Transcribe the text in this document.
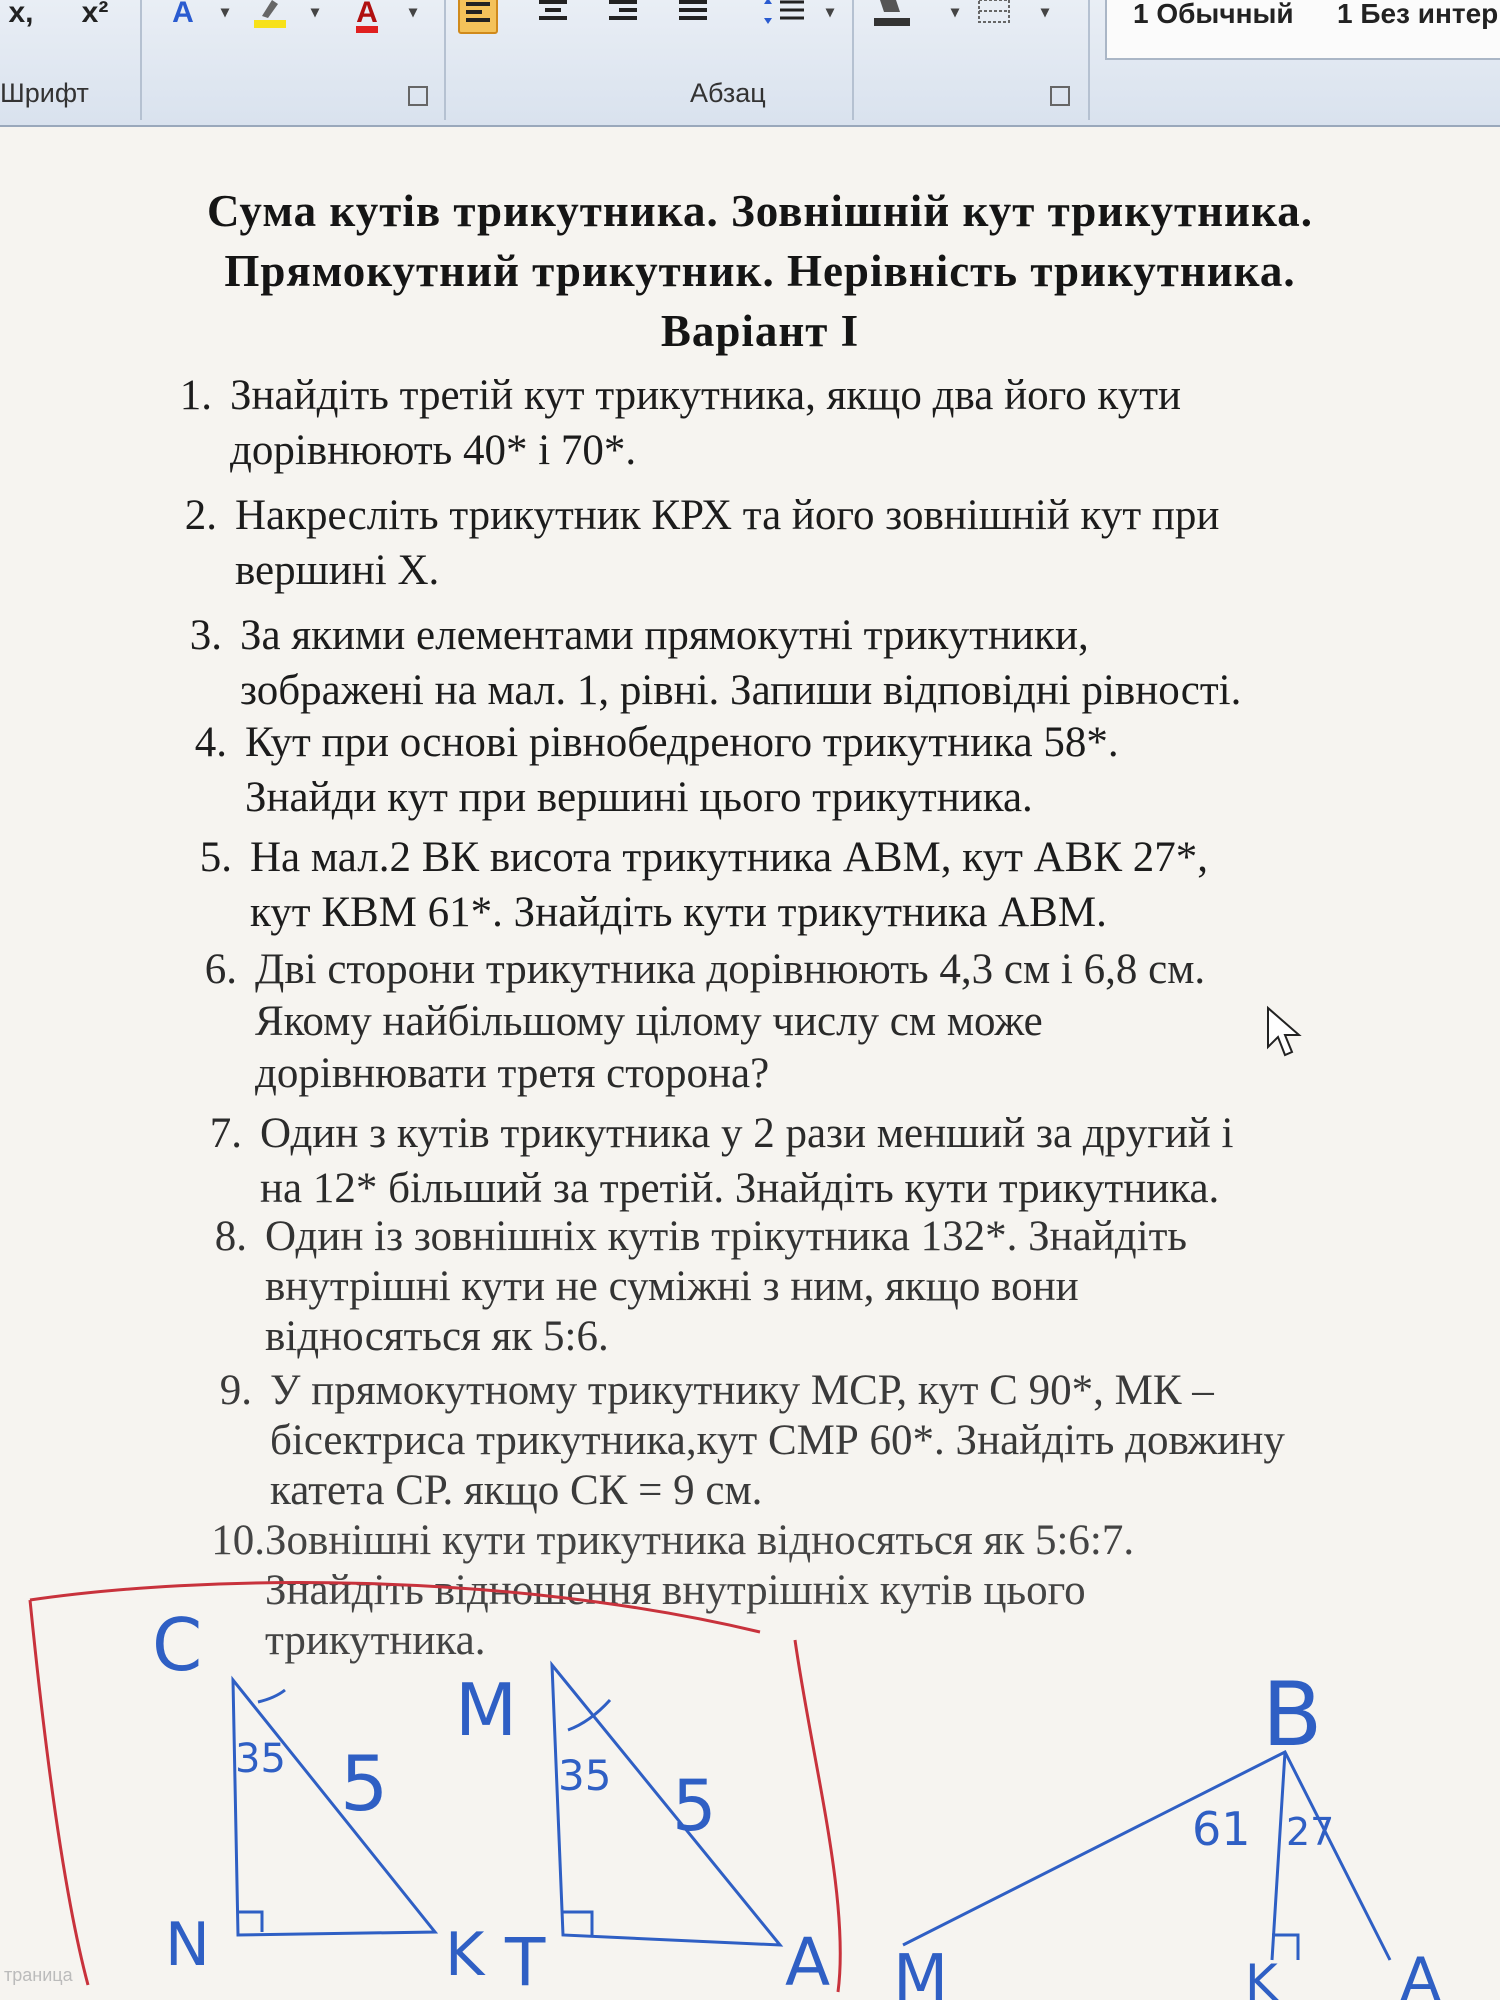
x, x² A	▾	▾	A	▾	▾	▾	▾
Шрифт	Абзац
1 Обычный 1 Без интер
Сума кутів трикутника. Зовнішній кут трикутника.
Прямокутний трикутник. Нерівність трикутника.
Варіант І
1. Знайдіть третій кут трикутника, якщо два його кути
дорівнюють 40* і 70*.
2. Накресліть трикутник КРХ та його зовнішній кут при
вершині Х.
3. За якими елементами прямокутні трикутники,
зображені на мал. 1, рівні. Запиши відповідні рівності.
4. Кут при основі рівнобедреного трикутника 58*.
Знайди кут при вершині цього трикутника.
5. На мал.2 ВК висота трикутника АВМ, кут АВК 27*,
кут КВМ 61*. Знайдіть кути трикутника АВМ.
6. Дві сторони трикутника дорівнюють 4,3 см і 6,8 см.
Якому найбільшому цілому числу см може
дорівнювати третя сторона?
7. Один з кутів трикутника у 2 рази менший за другий і
на 12* більший за третій. Знайдіть кути трикутника.
8. Один із зовнішніх кутів трікутника 132*. Знайдіть
внутрішні кути не суміжні з ним, якщо вони
відносяться як 5:6.
9. У прямокутному трикутнику МСР, кут С 90*, МК –
бісектриса трикутника,кут СМР 60*. Знайдіть довжину
катета СР. якщо СК = 9 см.
10.Зовнішні кути трикутника відносяться як 5:6:7.
Знайдіть відношення внутрішніх кутів цього
трикутника.
C
N	K
35 5
M
T	A
35 5
B
M	K A
61 27
траница
